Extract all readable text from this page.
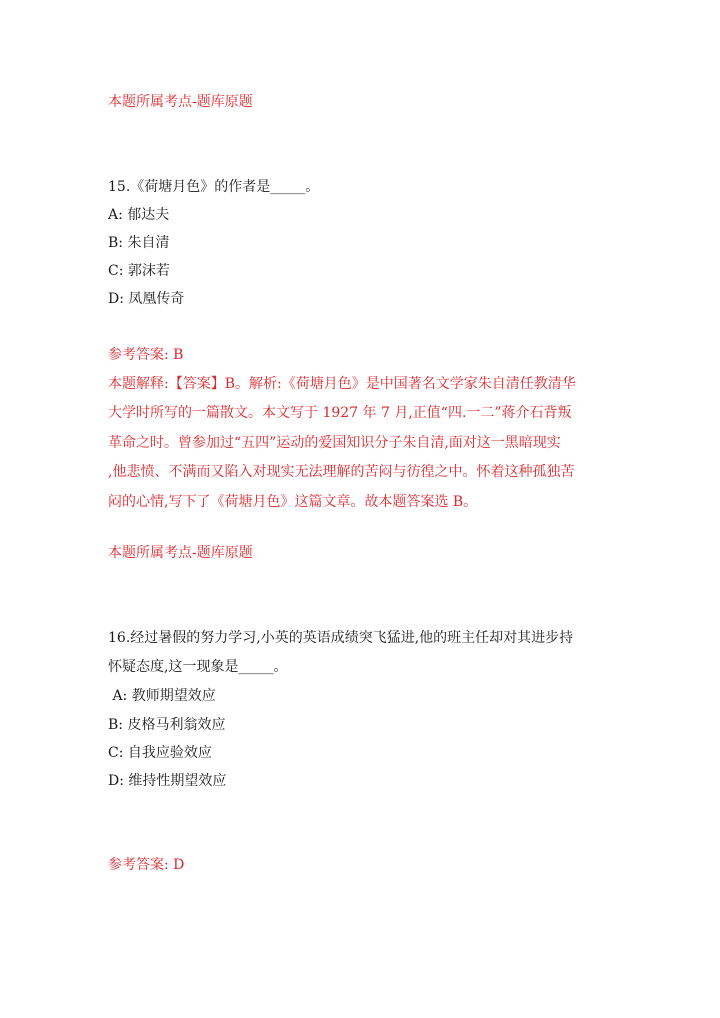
本题所属考点-题库原题
15.《荷塘月色》的作者是_____。
A: 郁达夫
B: 朱自清
C: 郭沫若
D: 凤凰传奇
参考答案: B
本题解释:【答案】B。解析:《荷塘月色》是中国著名文学家朱自清任教清华
大学时所写的一篇散文。本文写于 1927 年 7 月,正值“四.一二”蒋介石背叛
革命之时。曾参加过“五四”运动的爱国知识分子朱自清,面对这一黑暗现实
,他悲愤、不满而又陷入对现实无法理解的苦闷与彷徨之中。怀着这种孤独苦
闷的心情,写下了《荷塘月色》这篇文章。故本题答案选 B。
本题所属考点-题库原题
16.经过暑假的努力学习,小英的英语成绩突飞猛进,他的班主任却对其进步持
怀疑态度,这一现象是_____。
A: 教师期望效应
B: 皮格马利翁效应
C: 自我应验效应
D: 维持性期望效应
参考答案: D
